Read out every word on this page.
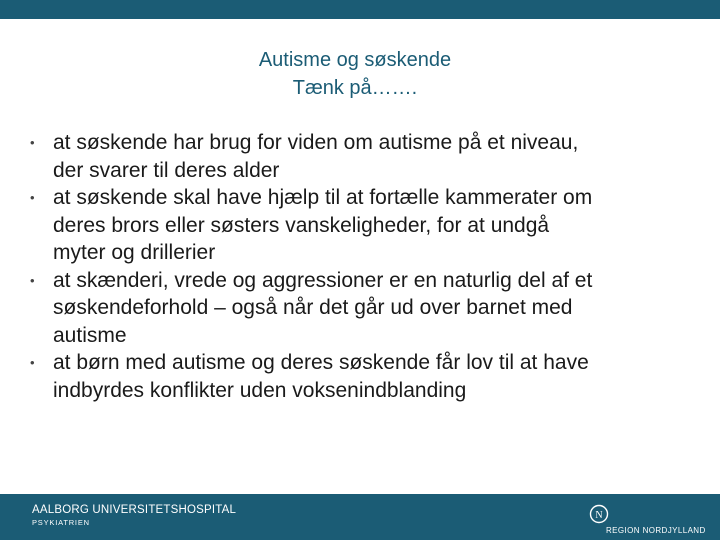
Autisme og søskende
Tænk på…….
• at søskende har brug for viden om autisme på et niveau,
der svarer til deres alder
• at søskende skal have hjælp til at fortælle kammerater om
deres brors eller søsters vanskeligheder, for at undgå
myter og drillerier
• at skænderi, vrede og aggressioner er en naturlig del af et
søskendeforhold – også når det går ud over barnet med
autisme
• at børn med autisme og deres søskende får lov til at have
indbyrdes konflikter uden voksenindblanding
AALBORG UNIVERSITETSHOSPITAL
PSYKIATRIEN
N
REGION NORDJYLLAND
